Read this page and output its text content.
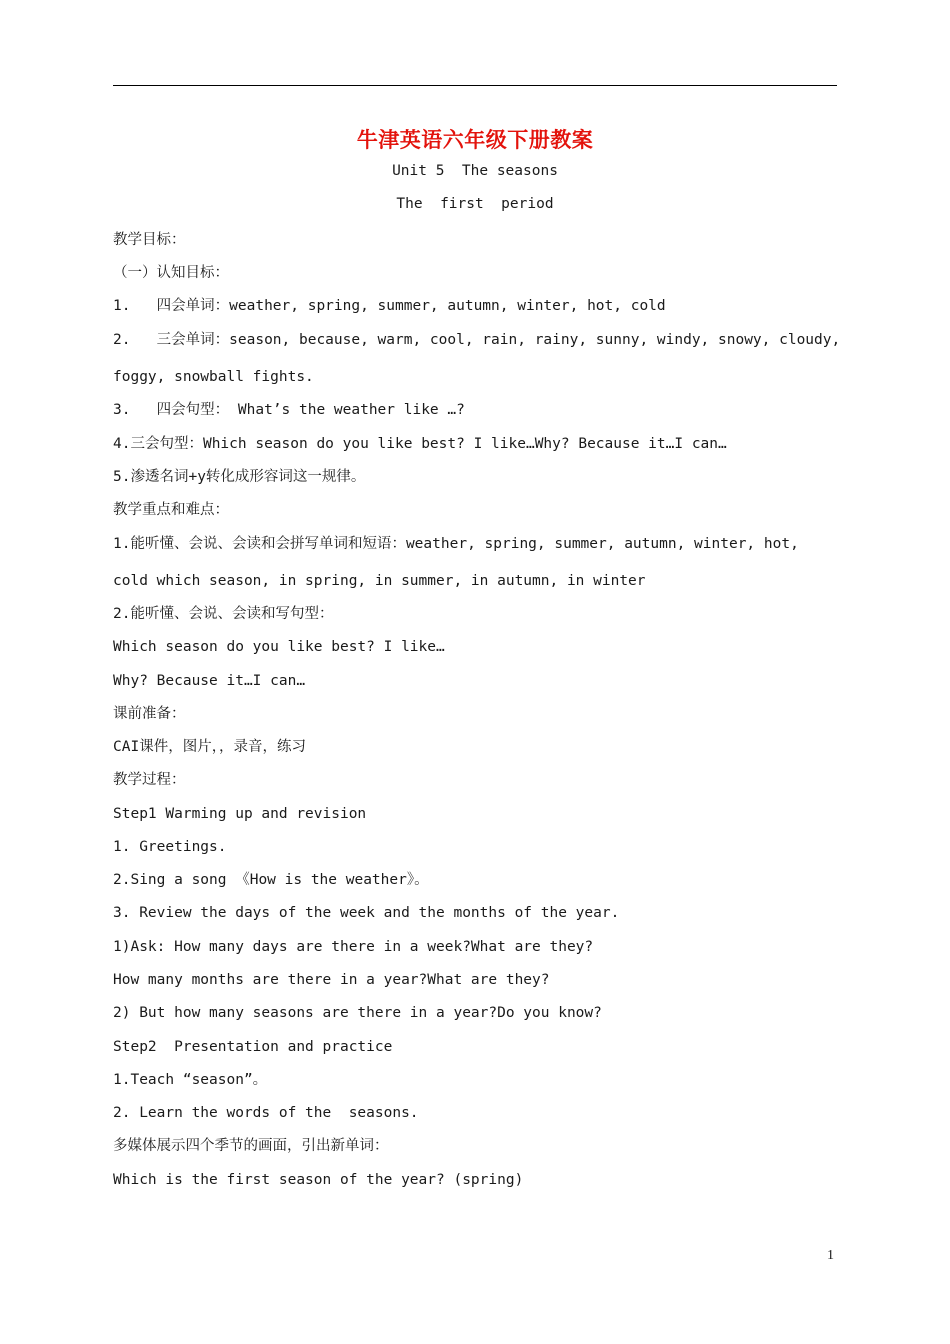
牛津英语六年级下册教案
Unit 5  The seasons
The  first  period
教学目标：
（一）认知目标：
1.   四会单词：weather, spring, summer, autumn, winter, hot, cold
2.   三会单词：season, because, warm, cool, rain, rainy, sunny, windy, snowy, cloudy,
foggy, snowball fights.
3.   四会句型： What’s the weather like …?
4.三会句型：Which season do you like best? I like…Why? Because it…I can…
5.渗透名词+y转化成形容词这一规律。
教学重点和难点：
1.能听懂、会说、会读和会拼写单词和短语：weather, spring, summer, autumn, winter, hot,
cold which season, in spring, in summer, in autumn, in winter
2.能听懂、会说、会读和写句型：
Which season do you like best? I like…
Why? Because it…I can…
课前准备：
CAI课件，图片，，录音，练习
教学过程：
Step1 Warming up and revision
1. Greetings.
2.Sing a song 《How is the weather》。
3. Review the days of the week and the months of the year.
1)Ask: How many days are there in a week?What are they?
How many months are there in a year?What are they?
2) But how many seasons are there in a year?Do you know?
Step2  Presentation and practice
1.Teach “season”。
2. Learn the words of the  seasons.
多媒体展示四个季节的画面，引出新单词：
Which is the first season of the year? (spring)
1
